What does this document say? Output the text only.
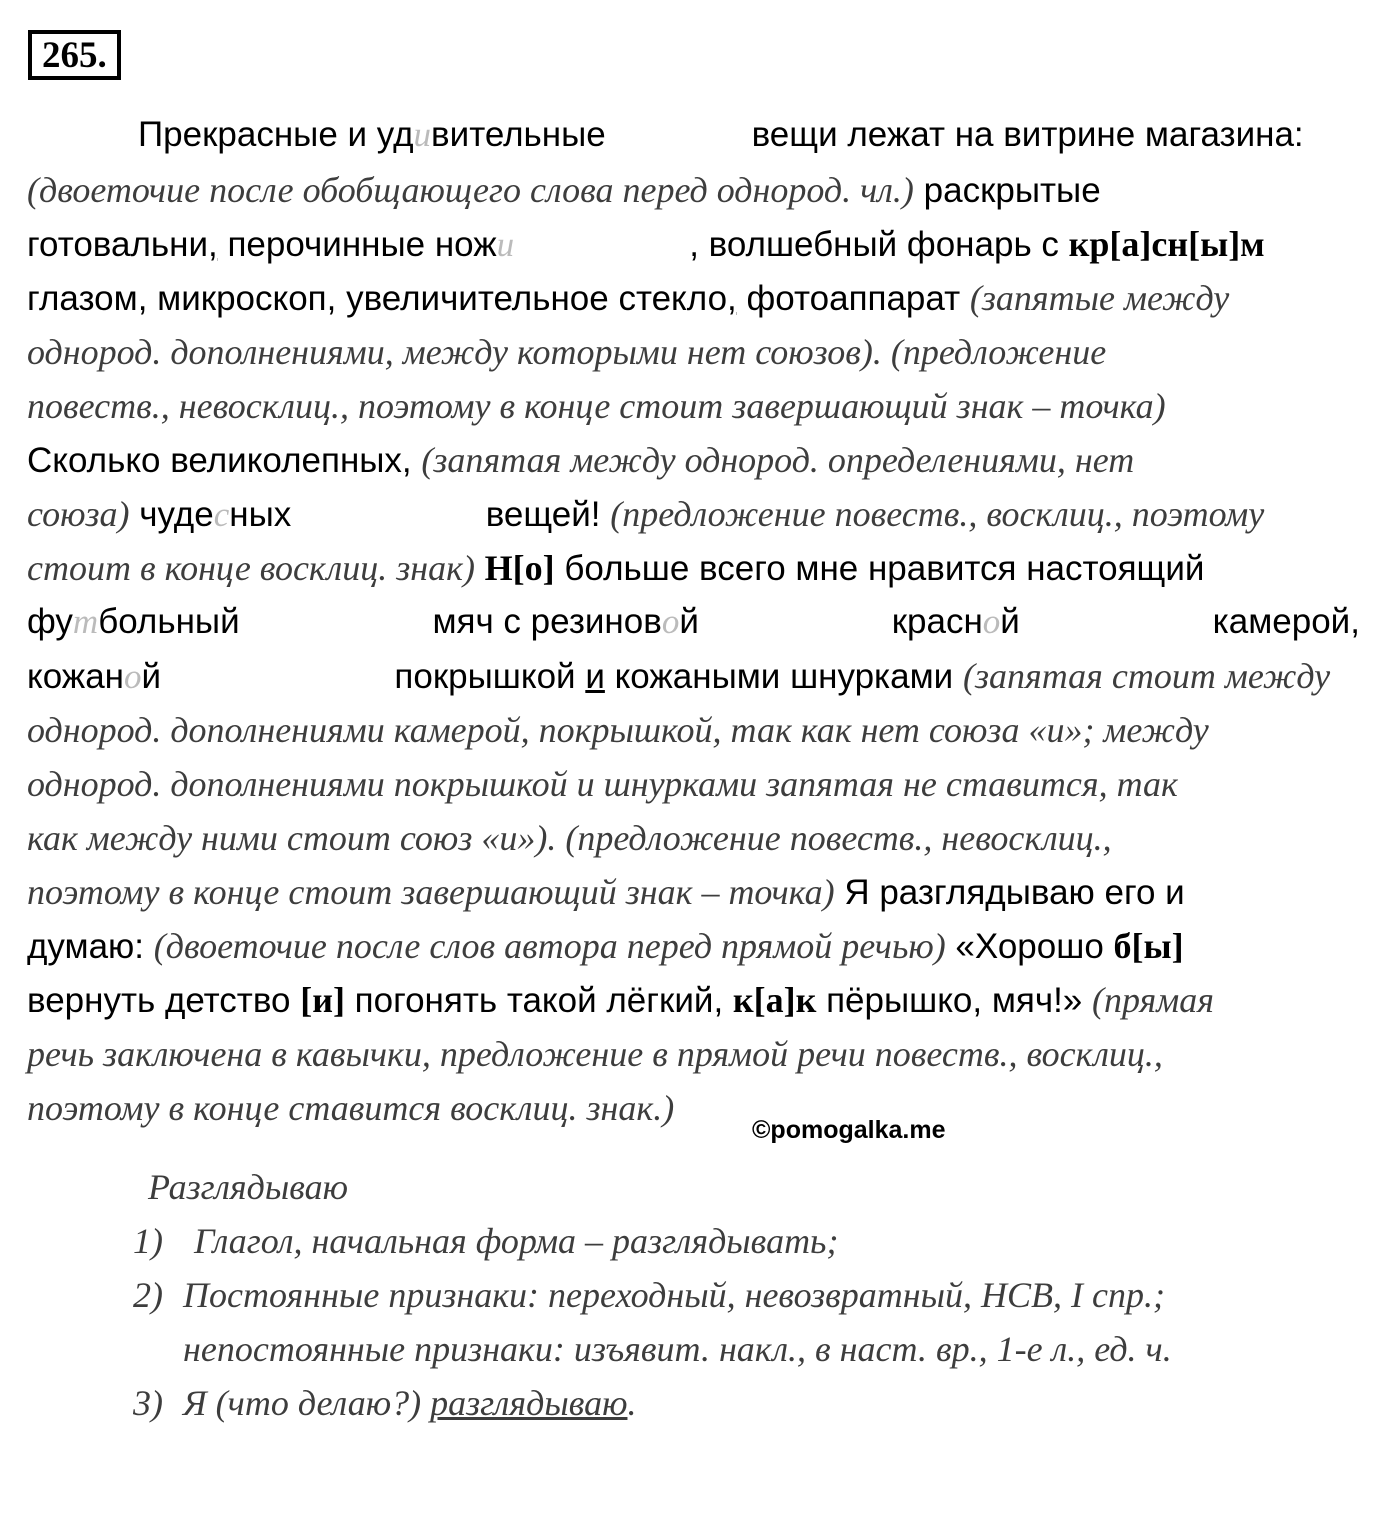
265.
Прекрасные и удивительные               вещи лежат на витрине магазина:
(двоеточие после обобщающего слова перед однород. чл.) раскрытые
готовальни, перочинные ножи	, волшебный фонарь с кр[а]сн[ы]м
глазом, микроскоп, увеличительное стекло, фотоаппарат (запятые между
однород. дополнениями, между которыми нет союзов). (предложение
повеств., невосклиц., поэтому в конце стоит завершающий знак – точка)
Сколько великолепных, (запятая между однород. определениями, нет
союза) чудесных                    вещей! (предложение повеств., восклиц., поэтому
стоит в конце восклиц. знак) Н[о] больше всего мне нравится настоящий
футбольный	мяч с резиновой	красной	камерой,
кожаной                        покрышкой и кожаными шнурками (запятая стоит между
однород. дополнениями камерой, покрышкой, так как нет союза «и»; между
однород. дополнениями покрышкой и шнурками запятая не ставится, так
как между ними стоит союз «и»). (предложение повеств., невосклиц.,
поэтому в конце стоит завершающий знак – точка) Я разглядываю его и
думаю: (двоеточие после слов автора перед прямой речью) «Хорошо б[ы]
вернуть детство [и] погонять такой лёгкий, к[а]к пёрышко, мяч!» (прямая
речь заключена в кавычки, предложение в прямой речи повеств., восклиц.,
поэтому в конце ставится восклиц. знак.)
©pomogalka.me
Разглядываю
1) Глагол, начальная форма – разглядывать;
2) Постоянные признаки: переходный, невозвратный, НСВ, I спр.;
непостоянные признаки: изъявит. накл., в наст. вр., 1-е л., ед. ч.
3) Я (что делаю?) разглядываю.
